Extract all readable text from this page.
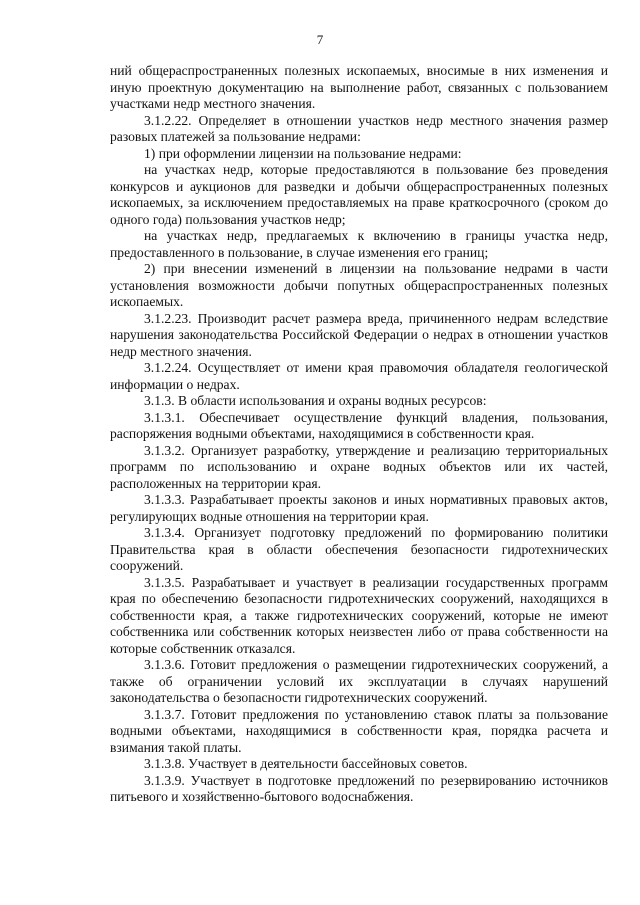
7

ний общераспространенных полезных ископаемых, вносимые в них изменения и иную проектную документацию на выполнение работ, связанных с пользованием участками недр местного значения.

3.1.2.22. Определяет в отношении участков недр местного значения размер разовых платежей за пользование недрами:

1) при оформлении лицензии на пользование недрами:

на участках недр, которые предоставляются в пользование без проведения конкурсов и аукционов для разведки и добычи общераспространенных полезных ископаемых, за исключением предоставляемых на праве краткосрочного (сроком до одного года) пользования участков недр;

на участках недр, предлагаемых к включению в границы участка недр, предоставленного в пользование, в случае изменения его границ;

2) при внесении изменений в лицензии на пользование недрами в части установления возможности добычи попутных общераспространенных полезных ископаемых.

3.1.2.23. Производит расчет размера вреда, причиненного недрам вследствие нарушения законодательства Российской Федерации о недрах в отношении участков недр местного значения.

3.1.2.24. Осуществляет от имени края правомочия обладателя геологической информации о недрах.

3.1.3. В области использования и охраны водных ресурсов:

3.1.3.1. Обеспечивает осуществление функций владения, пользования, распоряжения водными объектами, находящимися в собственности края.

3.1.3.2. Организует разработку, утверждение и реализацию территориальных программ по использованию и охране водных объектов или их частей, расположенных на территории края.

3.1.3.3. Разрабатывает проекты законов и иных нормативных правовых актов, регулирующих водные отношения на территории края.

3.1.3.4. Организует подготовку предложений по формированию политики Правительства края в области обеспечения безопасности гидротехнических сооружений.

3.1.3.5. Разрабатывает и участвует в реализации государственных программ края по обеспечению безопасности гидротехнических сооружений, находящихся в собственности края, а также гидротехнических сооружений, которые не имеют собственника или собственник которых неизвестен либо от права собственности на которые собственник отказался.

3.1.3.6. Готовит предложения о размещении гидротехнических сооружений, а также об ограничении условий их эксплуатации в случаях нарушений законодательства о безопасности гидротехнических сооружений.

3.1.3.7. Готовит предложения по установлению ставок платы за пользование водными объектами, находящимися в собственности края, порядка расчета и взимания такой платы.

3.1.3.8. Участвует в деятельности бассейновых советов.

3.1.3.9. Участвует в подготовке предложений по резервированию источников питьевого и хозяйственно-бытового водоснабжения.
